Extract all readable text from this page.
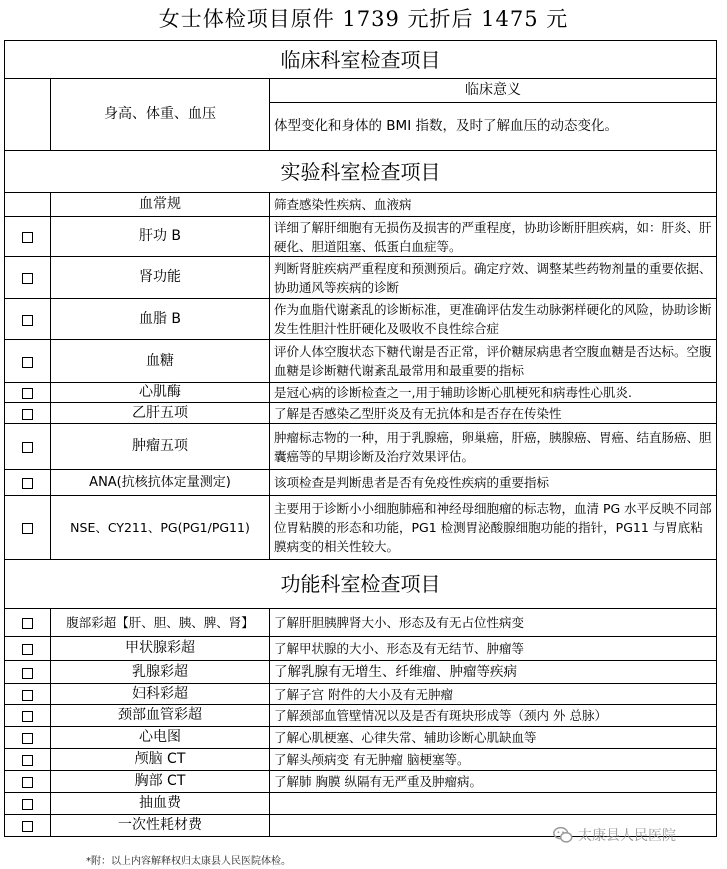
女士体检项目原件 1739 元折后 1475 元
临床科室检查项目		
	身高、体重、血压	临床意义
		体型变化和身体的 BMI 指数，及时了解血压的动态变化。
实验科室检查项目		
	血常规	筛查感染性疾病、血液病
	肝功 B	详细了解肝细胞有无损伤及损害的严重程度，协助诊断肝胆疾病，如：肝炎、肝硬化、胆道阻塞、低蛋白血症等。
	肾功能	判断肾脏疾病严重程度和预测预后。确定疗效、调整某些药物剂量的重要依据、协助通风等疾病的诊断
	血脂 B	作为血脂代谢紊乱的诊断标准，更准确评估发生动脉粥样硬化的风险，协助诊断发生性胆汁性肝硬化及吸收不良性综合症
	血糖	评价人体空腹状态下糖代谢是否正常，评价糖尿病患者空腹血糖是否达标。空腹血糖是诊断糖代谢紊乱最常用和最重要的指标
	心肌酶	是冠心病的诊断检查之一,用于辅助诊断心肌梗死和病毒性心肌炎.
	乙肝五项	了解是否感染乙型肝炎及有无抗体和是否存在传染性
	肿瘤五项	肿瘤标志物的一种，用于乳腺癌，卵巢癌，肝癌，胰腺癌、胃癌、结直肠癌、胆囊癌等的早期诊断及治疗效果评估。
	ANA(抗核抗体定量测定)	该项检查是判断患者是否有免疫性疾病的重要指标
	NSE、CY211、PG(PG1/PG11)	主要用于诊断小小细胞肺癌和神经母细胞瘤的标志物，血清 PG 水平反映不同部位胃粘膜的形态和功能，PG1 检测胃泌酸腺细胞功能的指针，PG11 与胃底粘膜病变的相关性较大。
功能科室检查项目		
	腹部彩超【肝、胆、胰、脾、肾】	了解肝胆胰脾肾大小、形态及有无占位性病变
	甲状腺彩超	了解甲状腺的大小、形态及有无结节、肿瘤等
	乳腺彩超	了解乳腺有无增生、纤维瘤、肿瘤等疾病
	妇科彩超	了解子宫 附件的大小及有无肿瘤
	颈部血管彩超	了解颈部血管壁情况以及是否有斑块形成等（颈内 外 总脉）
	心电图	了解心肌梗塞、心律失常、辅助诊断心肌缺血等
	颅脑 CT	了解头颅病变 有无肿瘤 脑梗塞等。
	胸部 CT	了解肺 胸膜 纵隔有无严重及肿瘤病。
	抽血费	
	一次性耗材费	
太康县人民医院
*附：以上内容解释权归太康县人民医院体检。
